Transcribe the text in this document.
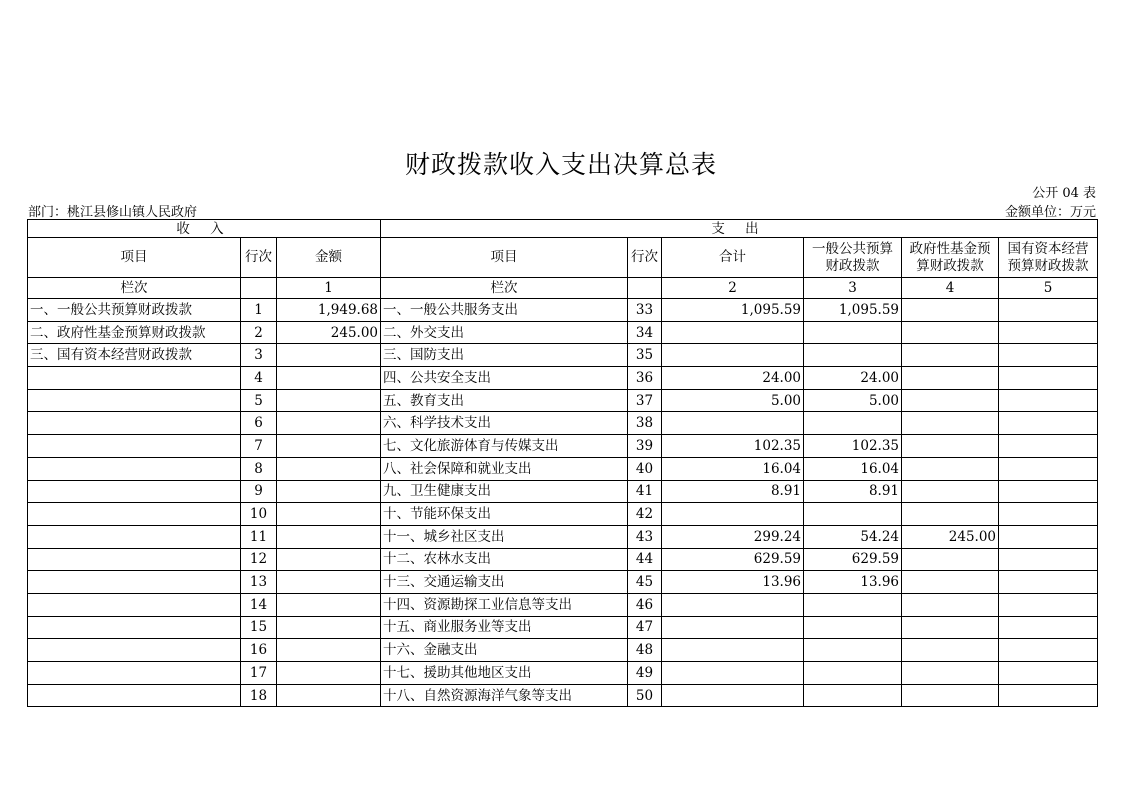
财政拨款收入支出决算总表
公开 04 表
部门：桃江县修山镇人民政府	金额单位：万元
收 入			支 出					
项目	行次	金额	项目	行次	合计	一般公共预算财政拨款	政府性基金预算财政拨款	国有资本经营预算财政拨款
栏次		1	栏次		2	3	4	5
一、一般公共预算财政拨款	1	1,949.68	一、一般公共服务支出	33	1,095.59	1,095.59		
二、政府性基金预算财政拨款	2	245.00	二、外交支出	34				
三、国有资本经营财政拨款	3		三、国防支出	35				
	4		四、公共安全支出	36	24.00	24.00		
	5		五、教育支出	37	5.00	5.00		
	6		六、科学技术支出	38				
	7		七、文化旅游体育与传媒支出	39	102.35	102.35		
	8		八、社会保障和就业支出	40	16.04	16.04		
	9		九、卫生健康支出	41	8.91	8.91		
	10		十、节能环保支出	42				
	11		十一、城乡社区支出	43	299.24	54.24	245.00	
	12		十二、农林水支出	44	629.59	629.59		
	13		十三、交通运输支出	45	13.96	13.96		
	14		十四、资源勘探工业信息等支出	46				
	15		十五、商业服务业等支出	47				
	16		十六、金融支出	48				
	17		十七、援助其他地区支出	49				
	18		十八、自然资源海洋气象等支出	50				
